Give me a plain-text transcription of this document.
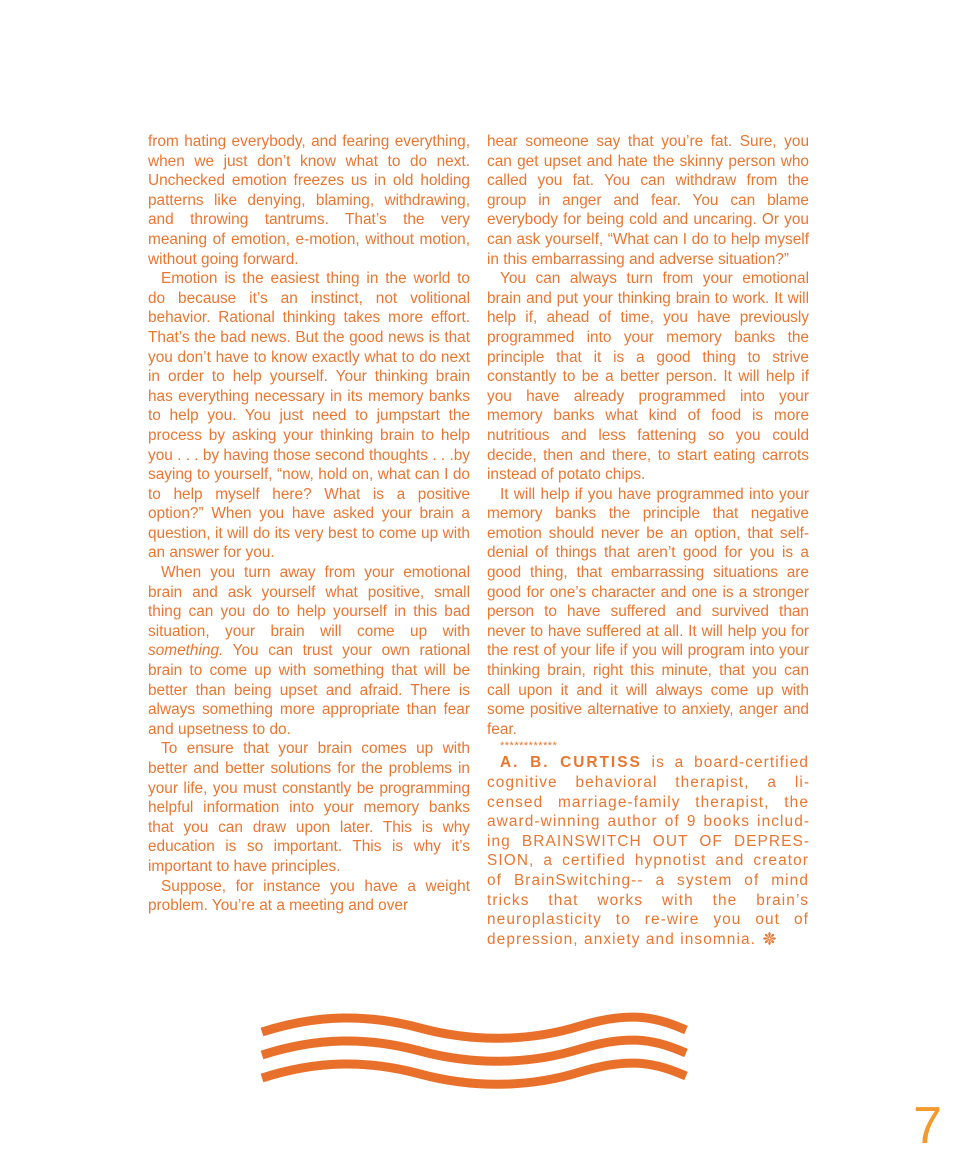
from hating everybody, and fearing everything, when we just don’t know what to do next. Unchecked emotion freezes us in old holding patterns like denying, blaming, withdrawing, and throwing tantrums. That’s the very meaning of emotion, e-motion, without motion, without going forward.

Emotion is the easiest thing in the world to do because it’s an instinct, not volitional behavior. Rational thinking takes more effort. That’s the bad news. But the good news is that you don’t have to know exactly what to do next in order to help yourself. Your thinking brain has everything necessary in its memory banks to help you. You just need to jumpstart the process by asking your thinking brain to help you . . . by having those second thoughts . . .by saying to yourself, “now, hold on, what can I do to help myself here? What is a positive option?” When you have asked your brain a question, it will do its very best to come up with an answer for you.

When you turn away from your emotional brain and ask yourself what positive, small thing can you do to help yourself in this bad situation, your brain will come up with something. You can trust your own rational brain to come up with something that will be better than being upset and afraid. There is always something more appropriate than fear and upsetness to do.

To ensure that your brain comes up with better and better solutions for the problems in your life, you must constantly be programming helpful information into your memory banks that you can draw upon later. This is why education is so important. This is why it’s important to have principles.

Suppose, for instance you have a weight problem. You’re at a meeting and over

hear someone say that you’re fat. Sure, you can get upset and hate the skinny person who called you fat. You can withdraw from the group in anger and fear. You can blame everybody for being cold and uncaring. Or you can ask yourself, “What can I do to help myself in this embarrassing and adverse situation?”

You can always turn from your emotional brain and put your thinking brain to work. It will help if, ahead of time, you have previously programmed into your memory banks the principle that it is a good thing to strive constantly to be a better person. It will help if you have already programmed into your memory banks what kind of food is more nutritious and less fattening so you could decide, then and there, to start eating carrots instead of potato chips.

It will help if you have programmed into your memory banks the principle that negative emotion should never be an option, that self-denial of things that aren’t good for you is a good thing, that embarrassing situations are good for one’s character and one is a stronger person to have suffered and survived than never to have suffered at all. It will help you for the rest of your life if you will program into your thinking brain, right this minute, that you can call upon it and it will always come up with some positive alternative to anxiety, anger and fear.

************

A. B. CURTISS is a board-certified cognitive behavioral therapist, a licensed marriage-family therapist, the award-winning author of 9 books including BRAINSWITCH OUT OF DEPRESSION, a certified hypnotist and creator of BrainSwitching-- a system of mind tricks that works with the brain’s neuroplasticity to re-wire you out of depression, anxiety and insomnia.

7
